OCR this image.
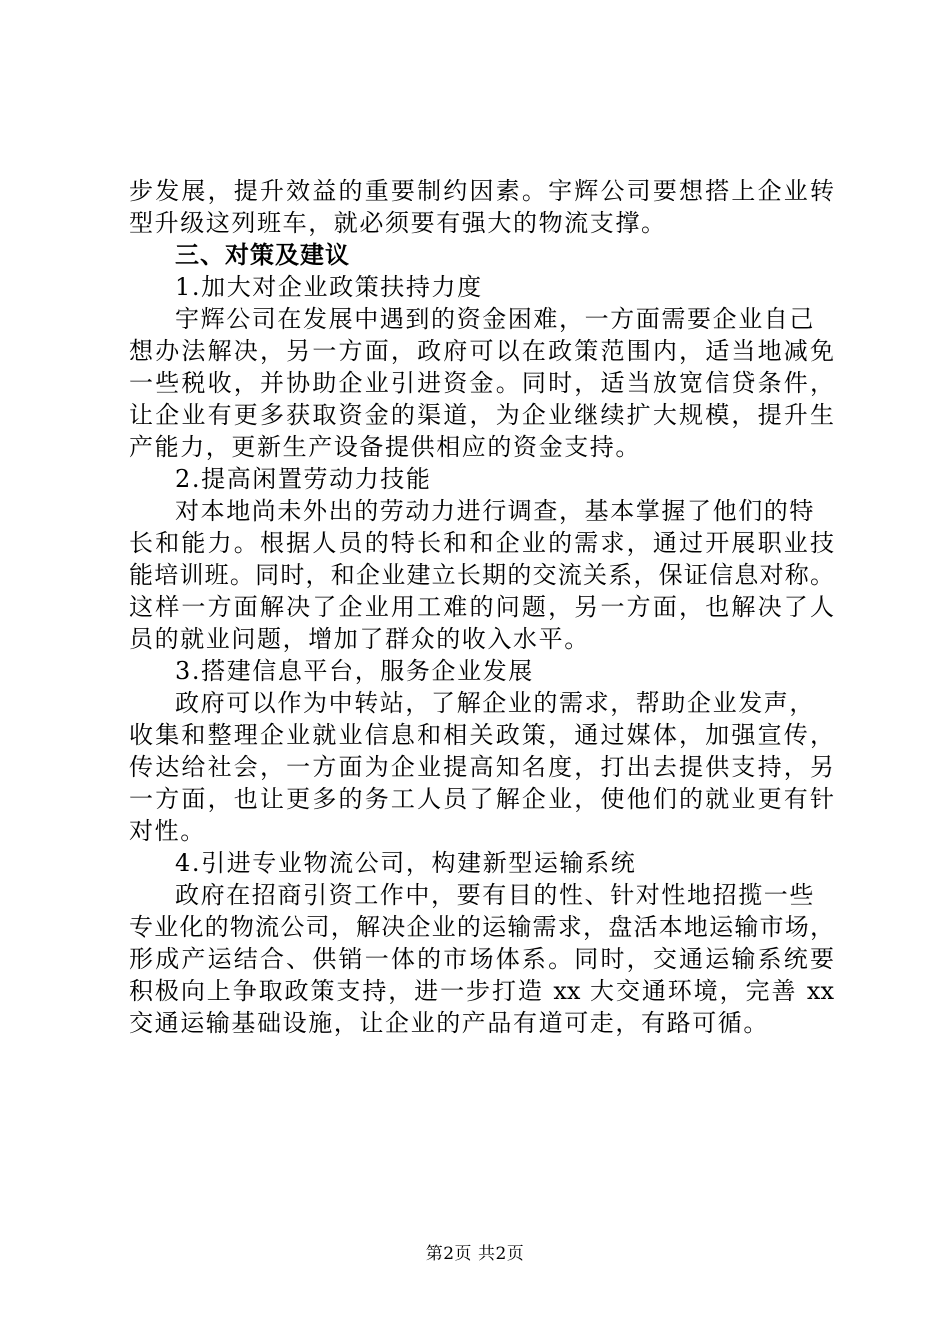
步发展，提升效益的重要制约因素。宇辉公司要想搭上企业转
型升级这列班车，就必须要有强大的物流支撑。
三、对策及建议
1.加大对企业政策扶持力度
宇辉公司在发展中遇到的资金困难，一方面需要企业自己
想办法解决，另一方面，政府可以在政策范围内，适当地减免
一些税收，并协助企业引进资金。同时，适当放宽信贷条件，
让企业有更多获取资金的渠道，为企业继续扩大规模，提升生
产能力，更新生产设备提供相应的资金支持。
2.提高闲置劳动力技能
对本地尚未外出的劳动力进行调查，基本掌握了他们的特
长和能力。根据人员的特长和和企业的需求，通过开展职业技
能培训班。同时，和企业建立长期的交流关系，保证信息对称。
这样一方面解决了企业用工难的问题，另一方面，也解决了人
员的就业问题，增加了群众的收入水平。
3.搭建信息平台，服务企业发展
政府可以作为中转站，了解企业的需求，帮助企业发声，
收集和整理企业就业信息和相关政策，通过媒体，加强宣传，
传达给社会，一方面为企业提高知名度，打出去提供支持，另
一方面，也让更多的务工人员了解企业，使他们的就业更有针
对性。
4.引进专业物流公司，构建新型运输系统
政府在招商引资工作中，要有目的性、针对性地招揽一些
专业化的物流公司，解决企业的运输需求，盘活本地运输市场，
形成产运结合、供销一体的市场体系。同时，交通运输系统要
积极向上争取政策支持，进一步打造 xx 大交通环境，完善 xx
交通运输基础设施，让企业的产品有道可走，有路可循。
第2页 共2页
